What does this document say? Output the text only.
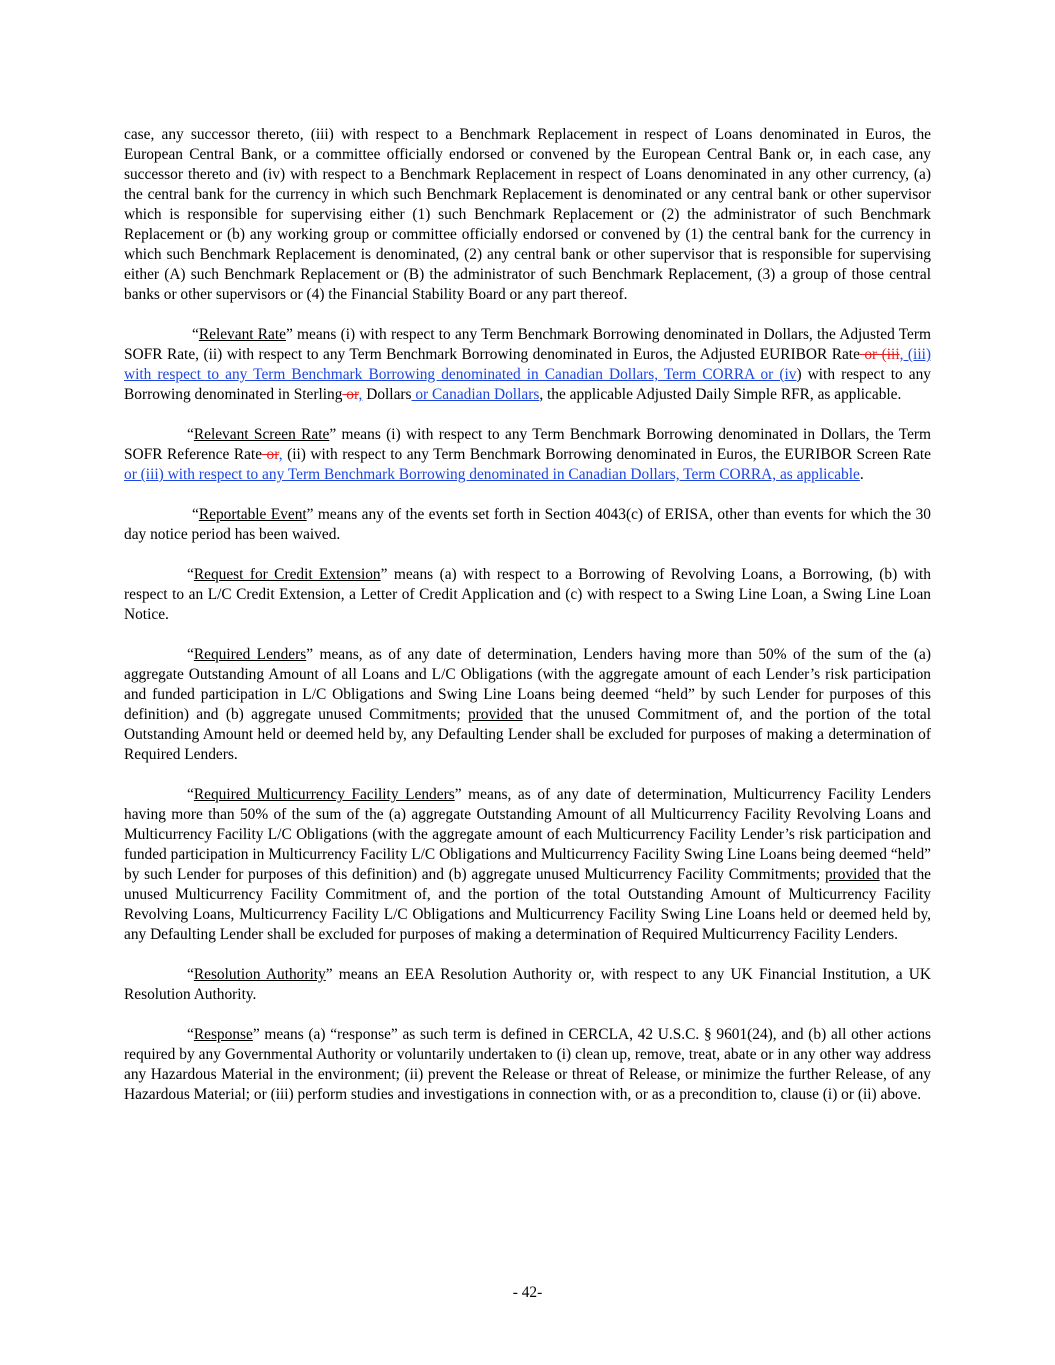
case, any successor thereto, (iii) with respect to a Benchmark Replacement in respect of Loans denominated in Euros, the European Central Bank, or a committee officially endorsed or convened by the European Central Bank or, in each case, any successor thereto and (iv) with respect to a Benchmark Replacement in respect of Loans denominated in any other currency, (a) the central bank for the currency in which such Benchmark Replacement is denominated or any central bank or other supervisor which is responsible for supervising either (1) such Benchmark Replacement or (2) the administrator of such Benchmark Replacement or (b) any working group or committee officially endorsed or convened by (1) the central bank for the currency in which such Benchmark Replacement is denominated, (2) any central bank or other supervisor that is responsible for supervising either (A) such Benchmark Replacement or (B) the administrator of such Benchmark Replacement, (3) a group of those central banks or other supervisors or (4) the Financial Stability Board or any part thereof.

“Relevant Rate” means (i) with respect to any Term Benchmark Borrowing denominated in Dollars, the Adjusted Term SOFR Rate, (ii) with respect to any Term Benchmark Borrowing denominated in Euros, the Adjusted EURIBOR Rate or (iii, (iii) with respect to any Term Benchmark Borrowing denominated in Canadian Dollars, Term CORRA or (iv) with respect to any Borrowing denominated in Sterling or, Dollars or Canadian Dollars, the applicable Adjusted Daily Simple RFR, as applicable.

“Relevant Screen Rate” means (i) with respect to any Term Benchmark Borrowing denominated in Dollars, the Term SOFR Reference Rate or, (ii) with respect to any Term Benchmark Borrowing denominated in Euros, the EURIBOR Screen Rate or (iii) with respect to any Term Benchmark Borrowing denominated in Canadian Dollars, Term CORRA, as applicable.

“Reportable Event” means any of the events set forth in Section 4043(c) of ERISA, other than events for which the 30 day notice period has been waived.

“Request for Credit Extension” means (a) with respect to a Borrowing of Revolving Loans, a Borrowing, (b) with respect to an L/C Credit Extension, a Letter of Credit Application and (c) with respect to a Swing Line Loan, a Swing Line Loan Notice.

“Required Lenders” means, as of any date of determination, Lenders having more than 50% of the sum of the (a) aggregate Outstanding Amount of all Loans and L/C Obligations (with the aggregate amount of each Lender’s risk participation and funded participation in L/C Obligations and Swing Line Loans being deemed “held” by such Lender for purposes of this definition) and (b) aggregate unused Commitments; provided that the unused Commitment of, and the portion of the total Outstanding Amount held or deemed held by, any Defaulting Lender shall be excluded for purposes of making a determination of Required Lenders.

“Required Multicurrency Facility Lenders” means, as of any date of determination, Multicurrency Facility Lenders having more than 50% of the sum of the (a) aggregate Outstanding Amount of all Multicurrency Facility Revolving Loans and Multicurrency Facility L/C Obligations (with the aggregate amount of each Multicurrency Facility Lender’s risk participation and funded participation in Multicurrency Facility L/C Obligations and Multicurrency Facility Swing Line Loans being deemed “held” by such Lender for purposes of this definition) and (b) aggregate unused Multicurrency Facility Commitments; provided that the unused Multicurrency Facility Commitment of, and the portion of the total Outstanding Amount of Multicurrency Facility Revolving Loans, Multicurrency Facility L/C Obligations and Multicurrency Facility Swing Line Loans held or deemed held by, any Defaulting Lender shall be excluded for purposes of making a determination of Required Multicurrency Facility Lenders.

“Resolution Authority” means an EEA Resolution Authority or, with respect to any UK Financial Institution, a UK Resolution Authority.

“Response” means (a) “response” as such term is defined in CERCLA, 42 U.S.C. § 9601(24), and (b) all other actions required by any Governmental Authority or voluntarily undertaken to (i) clean up, remove, treat, abate or in any other way address any Hazardous Material in the environment; (ii) prevent the Release or threat of Release, or minimize the further Release, of any Hazardous Material; or (iii) perform studies and investigations in connection with, or as a precondition to, clause (i) or (ii) above.

- 42-
